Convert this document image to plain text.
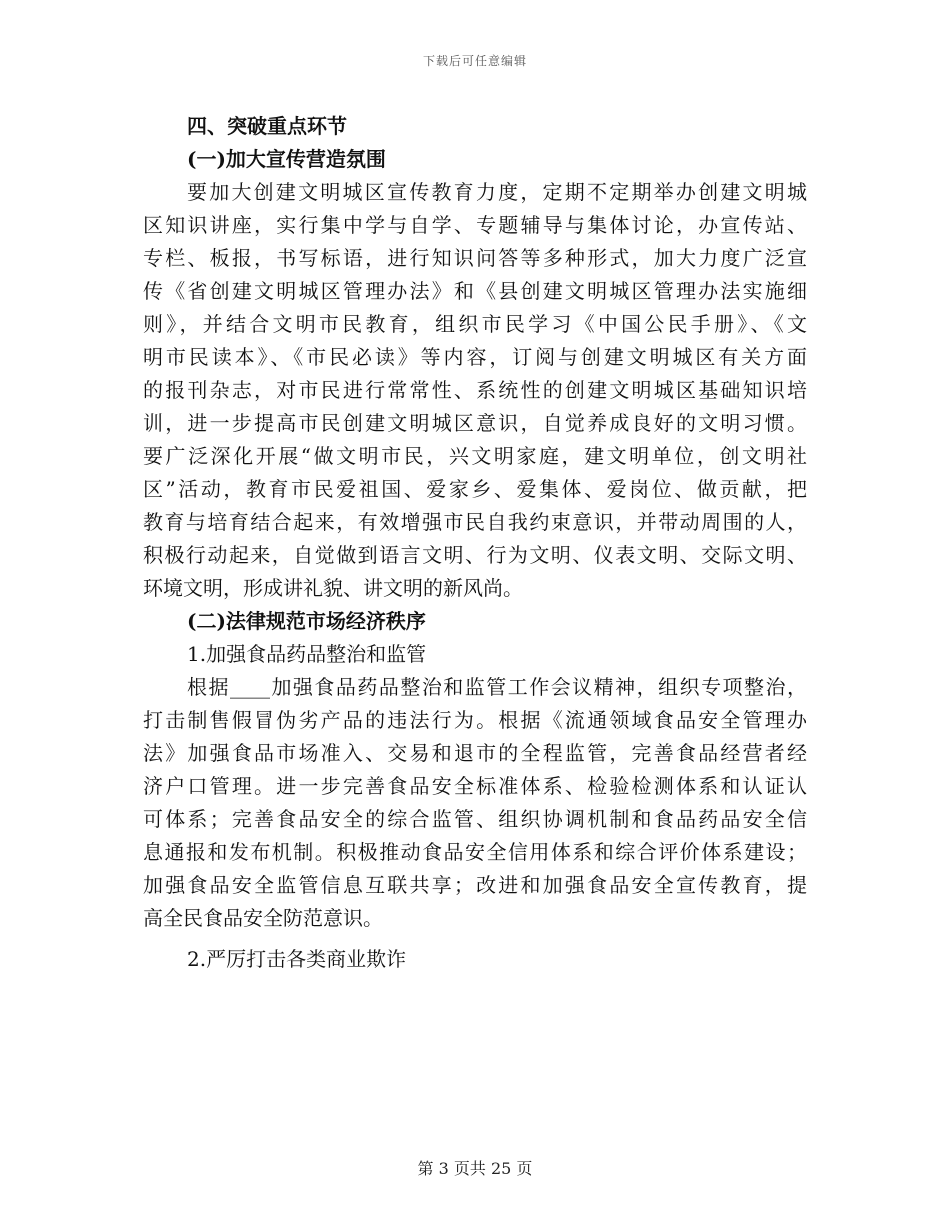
下载后可任意编辑
四、突破重点环节
(一)加大宣传营造氛围
要加大创建文明城区宣传教育力度，定期不定期举办创建文明城
区知识讲座，实行集中学与自学、专题辅导与集体讨论，办宣传站、
专栏、板报，书写标语，进行知识问答等多种形式，加大力度广泛宣
传《省创建文明城区管理办法》和《县创建文明城区管理办法实施细
则》，并结合文明市民教育，组织市民学习《中国公民手册》、《文
明市民读本》、《市民必读》等内容，订阅与创建文明城区有关方面
的报刊杂志，对市民进行常常性、系统性的创建文明城区基础知识培
训，进一步提高市民创建文明城区意识，自觉养成良好的文明习惯。
要广泛深化开展“做文明市民，兴文明家庭，建文明单位，创文明社
区”活动，教育市民爱祖国、爱家乡、爱集体、爱岗位、做贡献，把
教育与培育结合起来，有效增强市民自我约束意识，并带动周围的人，
积极行动起来，自觉做到语言文明、行为文明、仪表文明、交际文明、
环境文明，形成讲礼貌、讲文明的新风尚。
(二)法律规范市场经济秩序
1.加强食品药品整治和监管
根据____加强食品药品整治和监管工作会议精神，组织专项整治，
打击制售假冒伪劣产品的违法行为。根据《流通领域食品安全管理办
法》加强食品市场准入、交易和退市的全程监管，完善食品经营者经
济户口管理。进一步完善食品安全标准体系、检验检测体系和认证认
可体系；完善食品安全的综合监管、组织协调机制和食品药品安全信
息通报和发布机制。积极推动食品安全信用体系和综合评价体系建设；
加强食品安全监管信息互联共享；改进和加强食品安全宣传教育，提
高全民食品安全防范意识。
2.严厉打击各类商业欺诈
第 3 页共 25 页
